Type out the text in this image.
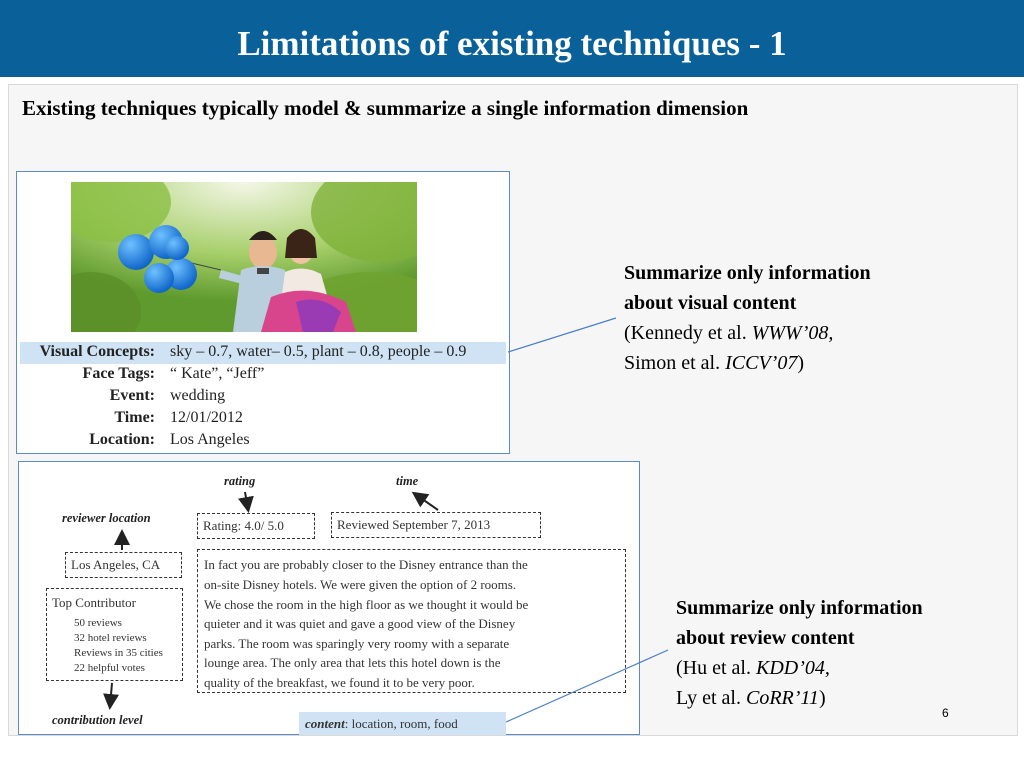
Limitations of existing techniques - 1
Existing techniques typically model & summarize a single information dimension
Visual Concepts: sky – 0.7, water– 0.5, plant – 0.8, people – 0.9
Face Tags: “ Kate”, “Jeff”
Event: wedding
Time: 12/01/2012
Location: Los Angeles
rating	time
reviewer location
contribution level
Rating: 4.0/ 5.0	Reviewed September 7, 2013
Los Angeles, CA
Top Contributor
50 reviews
32 hotel reviews
Reviews in 35 cities
22 helpful votes
In fact you are probably closer to the Disney entrance than the
on-site Disney hotels. We were given the option of 2 rooms.
We chose the room in the high floor as we thought it would be
quieter and it was quiet and gave a good view of the Disney
parks. The room was sparingly very roomy with a separate
lounge area. The only area that lets this hotel down is the
quality of the breakfast, we found it to be very poor.
content: location, room, food
Summarize only information
about visual content
(Kennedy et al. WWW’08,
Simon et al. ICCV’07)
Summarize only information
about review content
(Hu et al. KDD’04,
Ly et al. CoRR’11)
6
